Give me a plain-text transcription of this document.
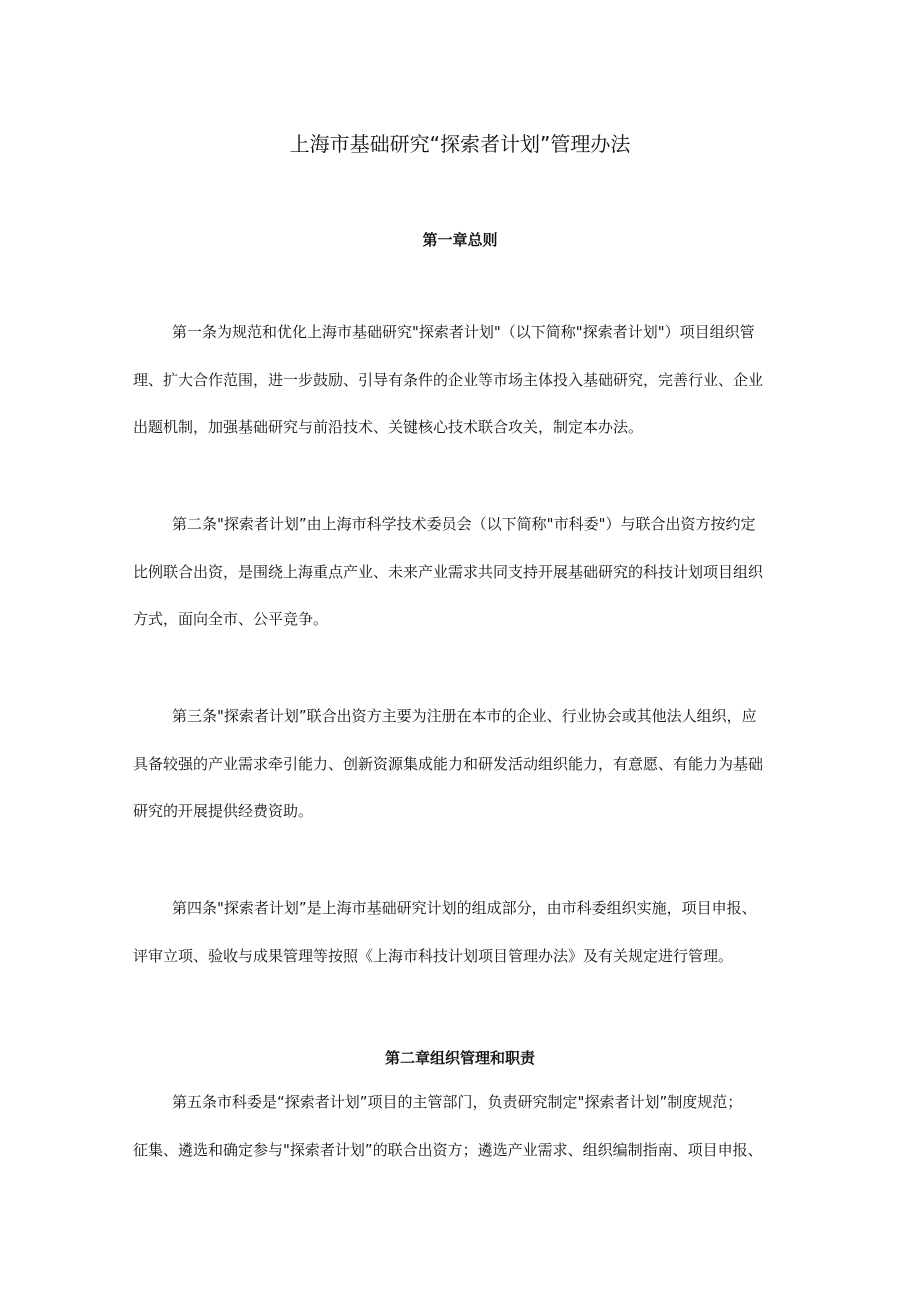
上海市基础研究“探索者计划”管理办法
第一章总则
第一条为规范和优化上海市基础研究"探索者计划"（以下简称"探索者计划"）项目组织管
理、扩大合作范围，进一步鼓励、引导有条件的企业等市场主体投入基础研究，完善行业、企业
出题机制，加强基础研究与前沿技术、关键核心技术联合攻关，制定本办法。
第二条"探索者计划”由上海市科学技术委员会（以下简称"市科委"）与联合出资方按约定
比例联合出资，是围绕上海重点产业、未来产业需求共同支持开展基础研究的科技计划项目组织
方式，面向全市、公平竞争。
第三条"探索者计划”联合出资方主要为注册在本市的企业、行业协会或其他法人组织，应
具备较强的产业需求牵引能力、创新资源集成能力和研发活动组织能力，有意愿、有能力为基础
研究的开展提供经费资助。
第四条"探索者计划”是上海市基础研究计划的组成部分，由市科委组织实施，项目申报、
评审立项、验收与成果管理等按照《上海市科技计划项目管理办法》及有关规定进行管理。
第二章组织管理和职责
第五条市科委是“探索者计划”项目的主管部门，负责研究制定"探索者计划”制度规范；
征集、遴选和确定参与"探索者计划”的联合出资方；遴选产业需求、组织编制指南、项目申报、
